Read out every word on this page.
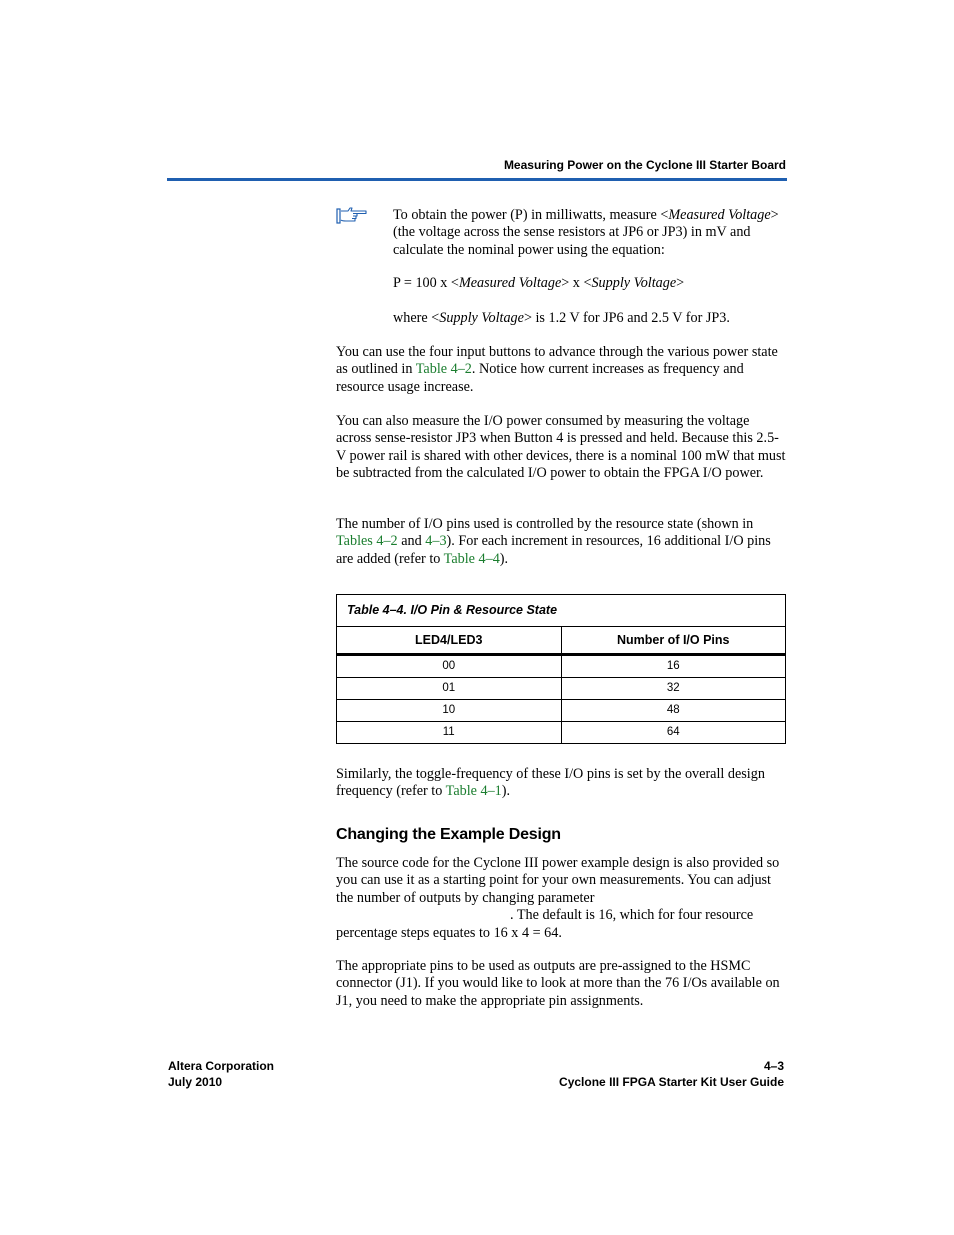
Measuring Power on the Cyclone III Starter Board
To obtain the power (P) in milliwatts, measure <Measured Voltage> (the voltage across the sense resistors at JP6 or JP3) in mV and calculate the nominal power using the equation:
P = 100 x <Measured Voltage> x <Supply Voltage>
where <Supply Voltage> is 1.2 V for JP6 and 2.5 V for JP3.
You can use the four input buttons to advance through the various power state as outlined in Table 4–2. Notice how current increases as frequency and resource usage increase.
You can also measure the I/O power consumed by measuring the voltage across sense-resistor JP3 when Button 4 is pressed and held. Because this 2.5-V power rail is shared with other devices, there is a nominal 100 mW that must be subtracted from the calculated I/O power to obtain the FPGA I/O power.
The number of I/O pins used is controlled by the resource state (shown in Tables 4–2 and 4–3). For each increment in resources, 16 additional I/O pins are added (refer to Table 4–4).
Table 4–4. I/O Pin & Resource State
LED4/LED3	Number of I/O Pins
00	16
01	32
10	48
11	64
Similarly, the toggle-frequency of these I/O pins is set by the overall design frequency (refer to Table 4–1).
Changing the Example Design
The source code for the Cyclone III power example design is also provided so you can use it as a starting point for your own measurements. You can adjust the number of outputs by changing parameter
. The default is 16, which for four resource percentage steps equates to 16 x 4 = 64.
The appropriate pins to be used as outputs are pre-assigned to the HSMC connector (J1). If you would like to look at more than the 76 I/Os available on J1, you need to make the appropriate pin assignments.
Altera Corporation
July 2010
4–3
Cyclone III FPGA Starter Kit User Guide
